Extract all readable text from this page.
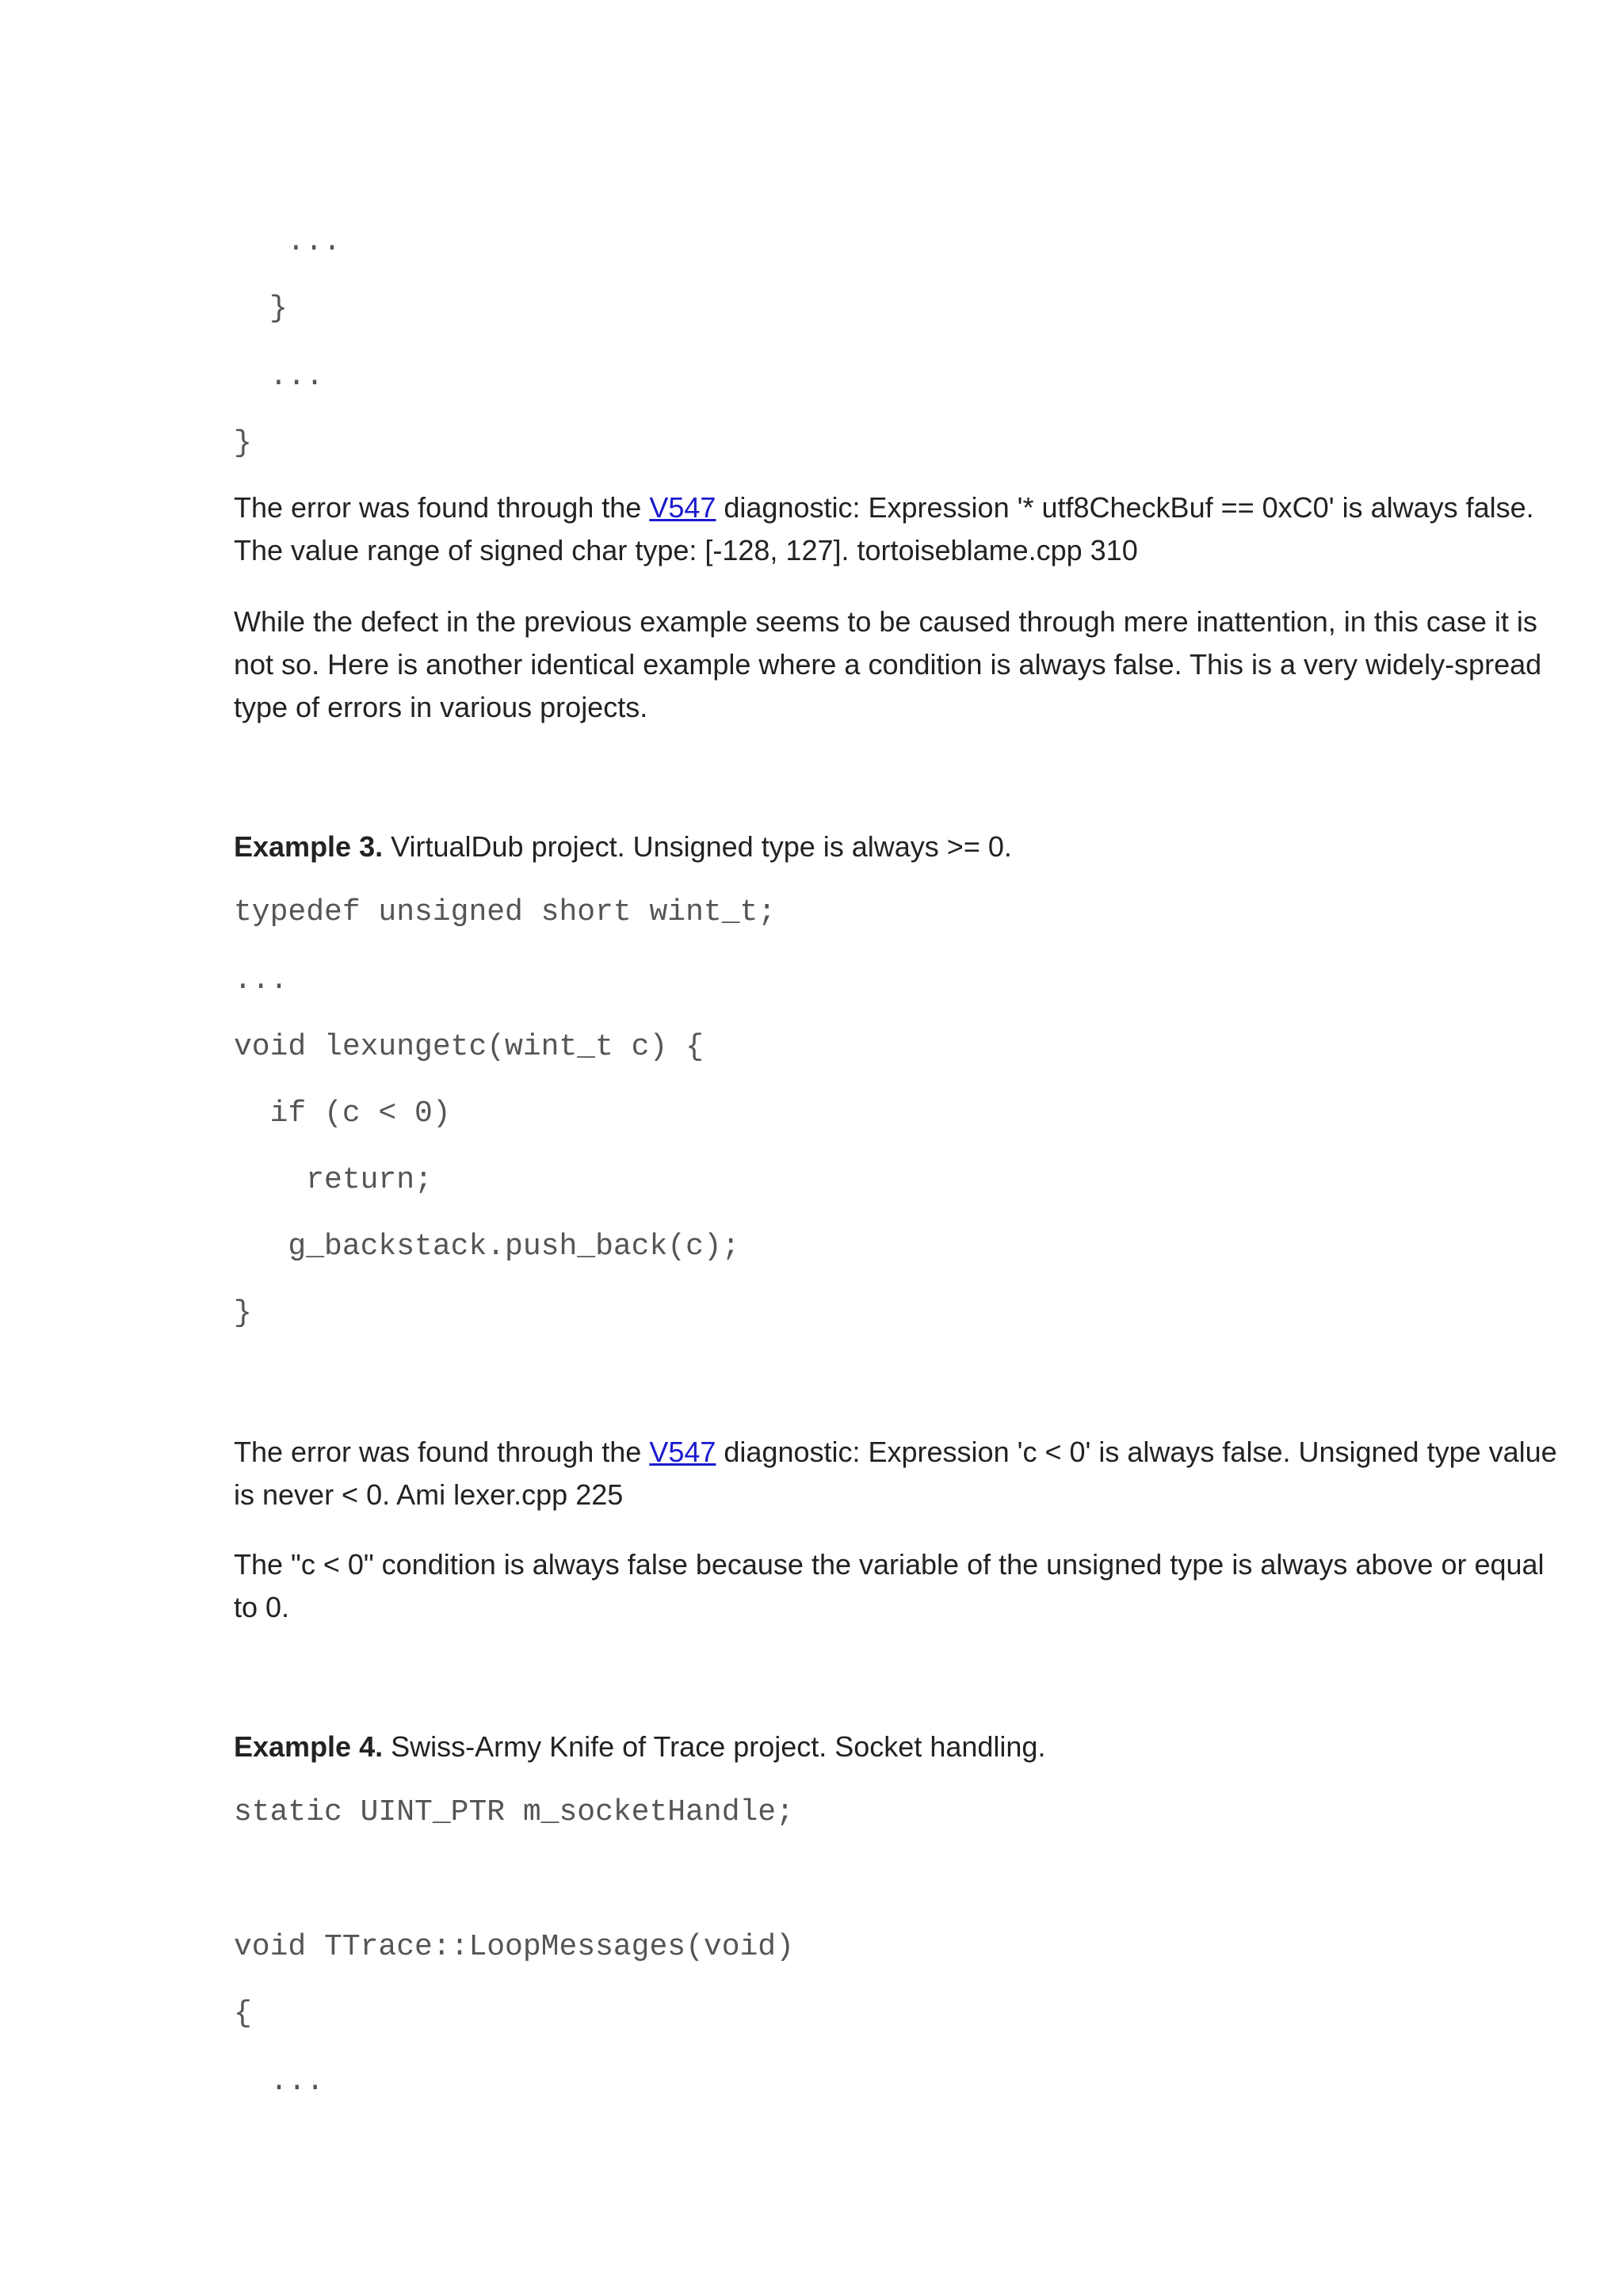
...
}
...
}
The error was found through the V547 diagnostic: Expression '* utf8CheckBuf == 0xC0' is always false.
The value range of signed char type: [-128, 127]. tortoiseblame.cpp 310
While the defect in the previous example seems to be caused through mere inattention, in this case it is
not so. Here is another identical example where a condition is always false. This is a very widely-spread
type of errors in various projects.
Example 3. VirtualDub project. Unsigned type is always >= 0.
typedef unsigned short wint_t;
...
void lexungetc(wint_t c) {
if (c < 0)
return;
g_backstack.push_back(c);
}
The error was found through the V547 diagnostic: Expression 'c < 0' is always false. Unsigned type value
is never < 0. Ami lexer.cpp 225
The "c < 0" condition is always false because the variable of the unsigned type is always above or equal
to 0.
Example 4. Swiss-Army Knife of Trace project. Socket handling.
static UINT_PTR m_socketHandle;
void TTrace::LoopMessages(void)
{
...
